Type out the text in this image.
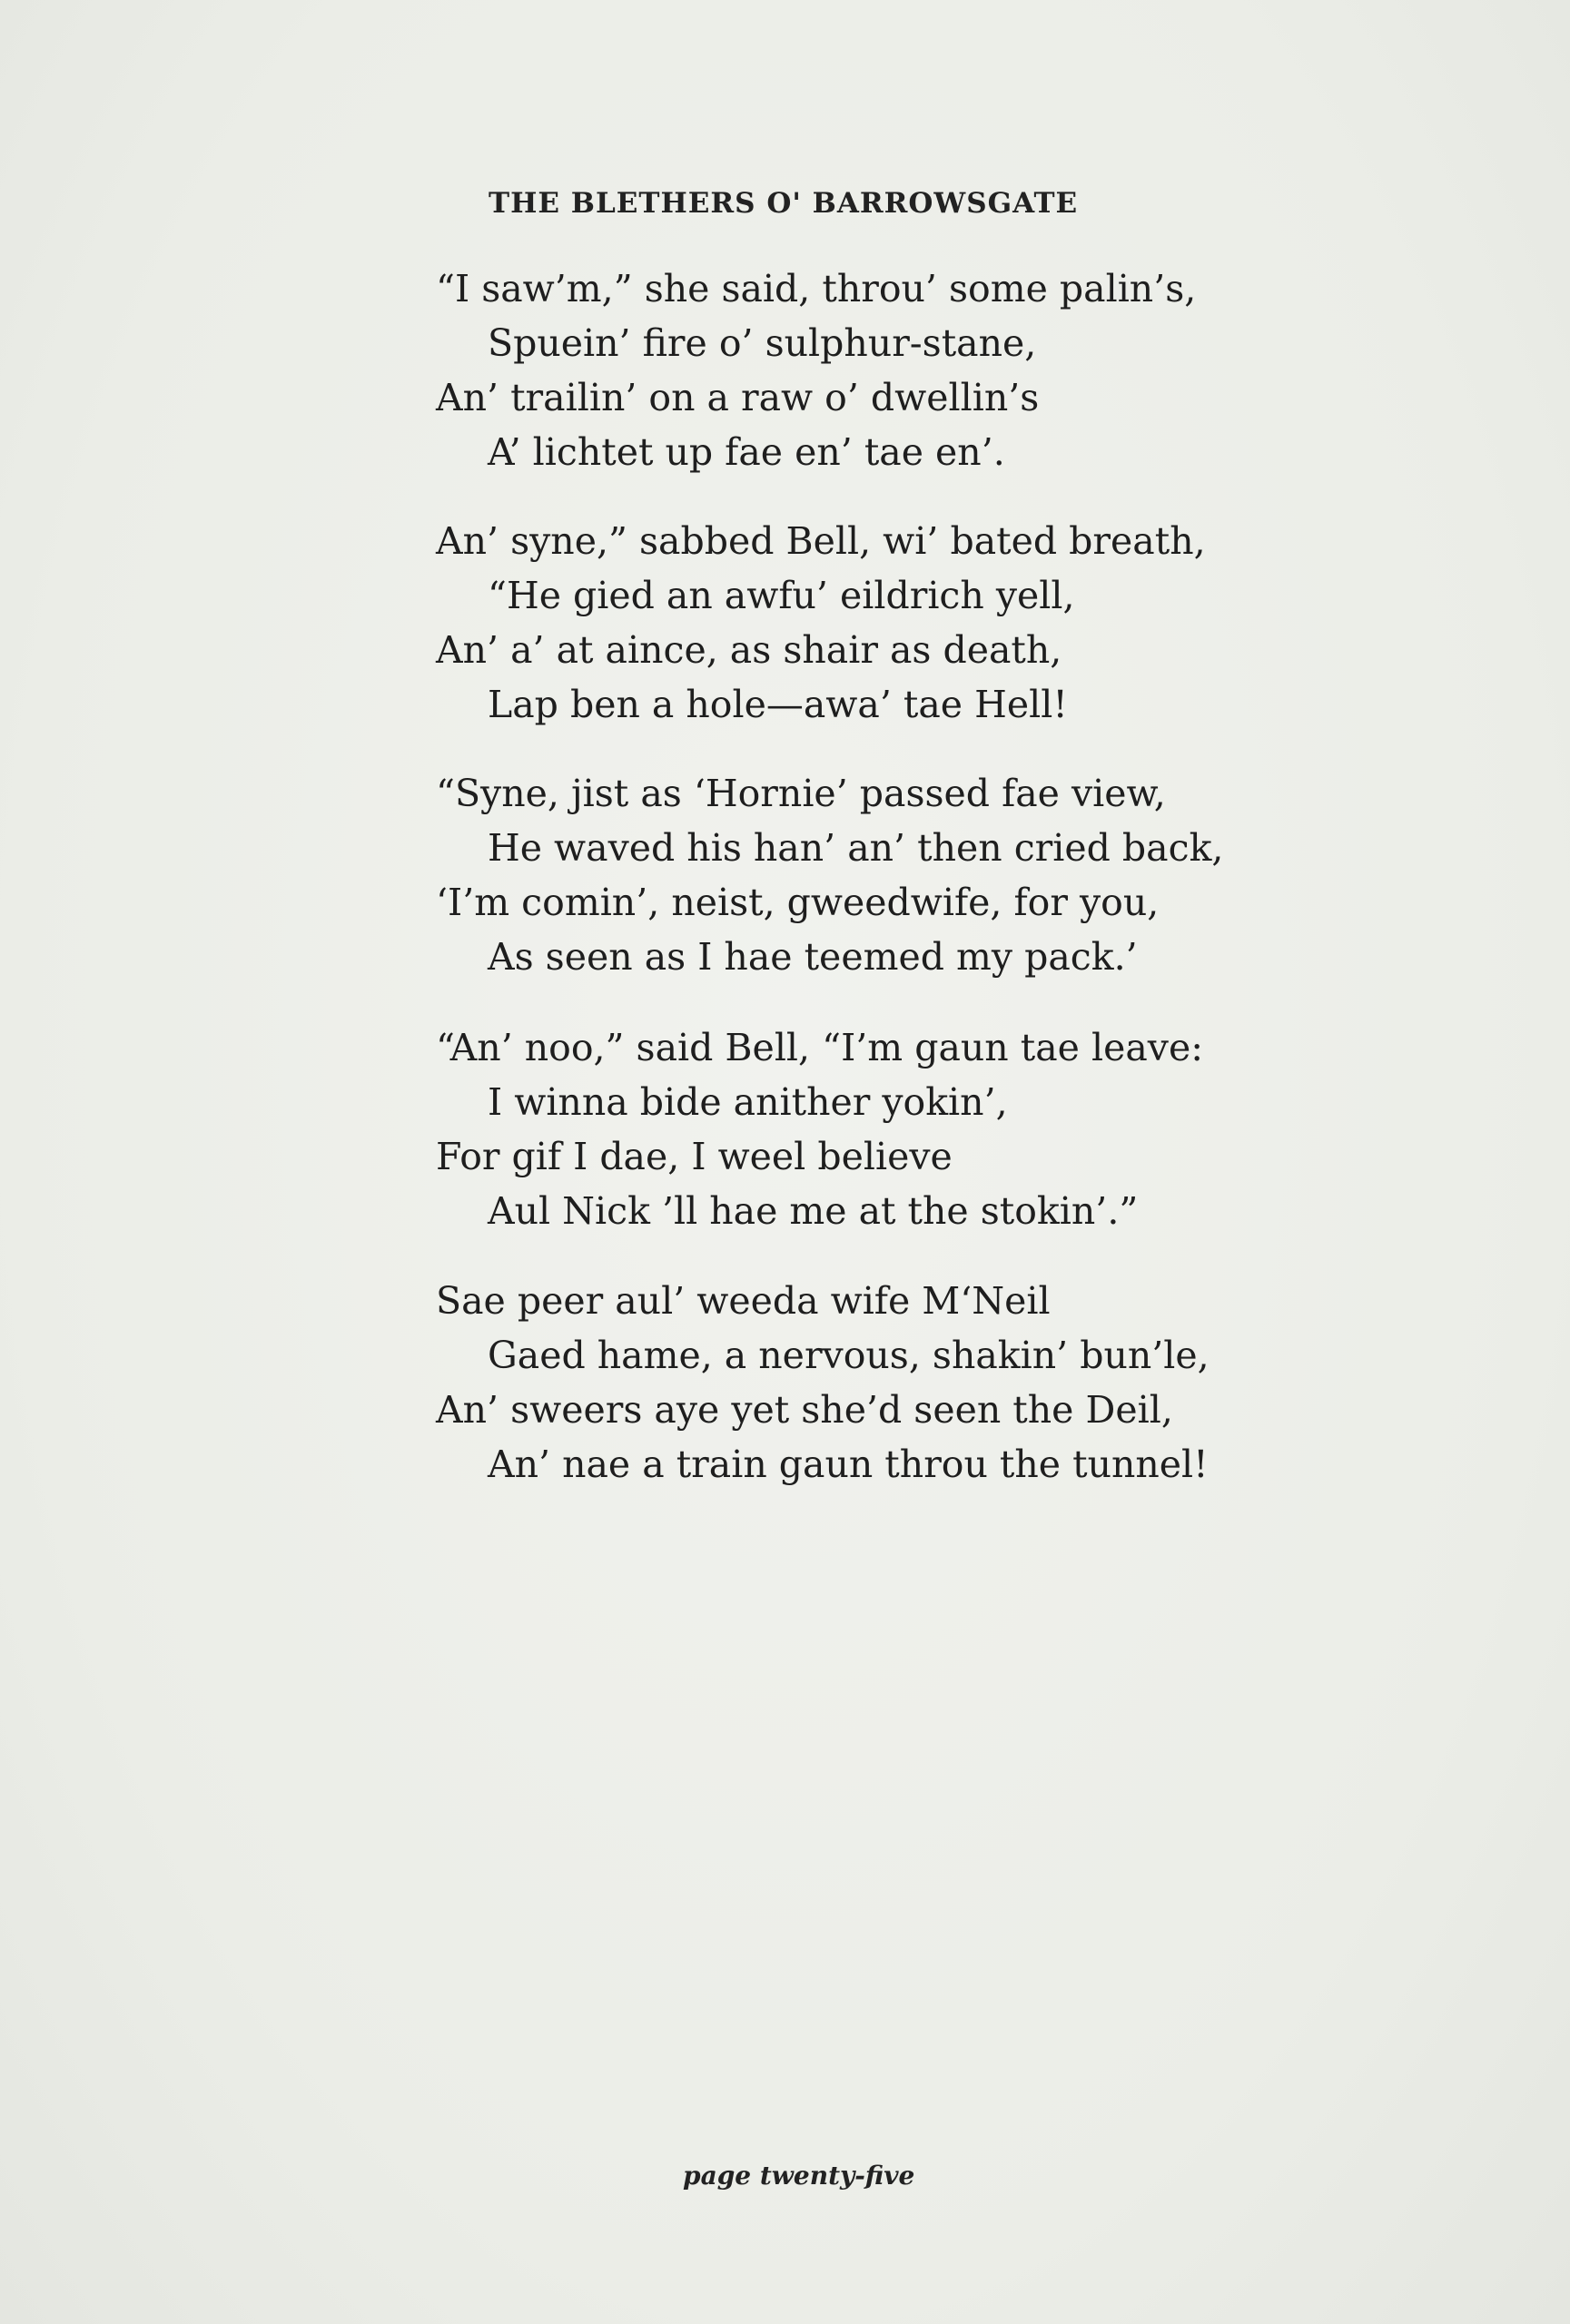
THE BLETHERS O' BARROWSGATE
“I saw’m,” she said, throu’ some palin’s,
Spuein’ fire o’ sulphur-stane,
An’ trailin’ on a raw o’ dwellin’s
A’ lichtet up fae en’ tae en’.
An’ syne,” sabbed Bell, wi’ bated breath,
“He gied an awfu’ eildrich yell,
An’ a’ at aince, as shair as death,
Lap ben a hole—awa’ tae Hell!
“Syne, jist as ‘Hornie’ passed fae view,
He waved his han’ an’ then cried back,
‘I’m comin’, neist, gweedwife, for you,
As seen as I hae teemed my pack.’
“An’ noo,” said Bell, “I’m gaun tae leave:
I winna bide anither yokin’,
For gif I dae, I weel believe
Aul Nick ’ll hae me at the stokin’.”
Sae peer aul’ weeda wife M‘Neil
Gaed hame, a nervous, shakin’ bun’le,
An’ sweers aye yet she’d seen the Deil,
An’ nae a train gaun throu the tunnel!
page twenty-five
